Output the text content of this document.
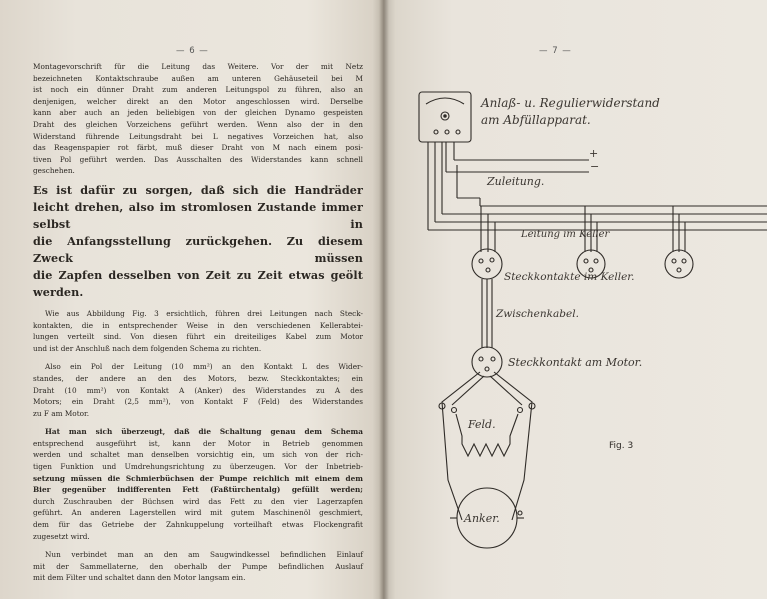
— 6 —

Montagevorschrift für die Leitung das Weitere. Vor der mit Netz
bezeichneten Kontaktschraube außen am unteren Gehäuseteil bei M
ist noch ein dünner Draht zum anderen Leitungspol zu führen, also an
denjenigen, welcher direkt an den Motor angeschlossen wird. Derselbe
kann aber auch an jeden beliebigen von der gleichen Dynamo gespeisten
Draht des gleichen Vorzeichens geführt werden. Wenn also der in den
Widerstand führende Leitungsdraht bei L negatives Vorzeichen hat, also
das Reagenspapier rot färbt, muß dieser Draht von M nach einem posi-
tiven Pol geführt werden. Das Ausschalten des Widerstandes kann schnell
geschehen.

Es ist dafür zu sorgen, daß sich die Handräder
leicht drehen, also im stromlosen Zustande immer selbst in
die Anfangsstellung zurückgehen. Zu diesem Zweck müssen
die Zapfen desselben von Zeit zu Zeit etwas geölt werden.

Wie aus Abbildung Fig. 3 ersichtlich, führen drei Leitungen nach Steck-
kontakten, die in entsprechender Weise in den verschiedenen Kellerabtei-
lungen verteilt sind. Von diesen führt ein dreiteiliges Kabel zum Motor
und ist der Anschluß nach dem folgenden Schema zu richten.

Also ein Pol der Leitung (10 mm²) an den Kontakt L des Wider-
standes, der andere an den des Motors, bezw. Steckkontaktes; ein
Draht (10 mm²) von Kontakt A (Anker) des Widerstandes zu A des
Motors; ein Draht (2,5 mm²), von Kontakt F (Feld) des Widerstandes
zu F am Motor.

Hat man sich überzeugt, daß die Schaltung genau dem Schema
entsprechend ausgeführt ist, kann der Motor in Betrieb genommen
werden und schaltet man denselben vorsichtig ein, um sich von der rich-
tigen Funktion und Umdrehungsrichtung zu überzeugen. Vor der Inbetrieb-
setzung müssen die Schmierbüchsen der Pumpe reichlich mit einem dem
Bier gegenüber indifferenten Fett (Faßtürchentalg) gefüllt werden;
durch Zuschrauben der Büchsen wird das Fett zu den vier Lagerzapfen
geführt. An anderen Lagerstellen wird mit gutem Maschinenöl geschmiert,
dem für das Getriebe der Zahnkuppelung vorteilhaft etwas Flockengrafit
zugesetzt wird.

Nun verbindet man an den am Saugwindkessel befindlichen Einlauf
mit der Sammellaterne, den oberhalb der Pumpe befindlichen Auslauf
mit dem Filter und schaltet dann den Motor langsam ein.

— 7 —
Anlaß- u. Regulierwiderstand
am Abfüllapparat.
+
−
Zuleitung.
Leitung im Keller
Steckkontakte im Keller.
Zwischenkabel.
Steckkontakt am Motor.
Feld.
Anker.
Fig. 3
